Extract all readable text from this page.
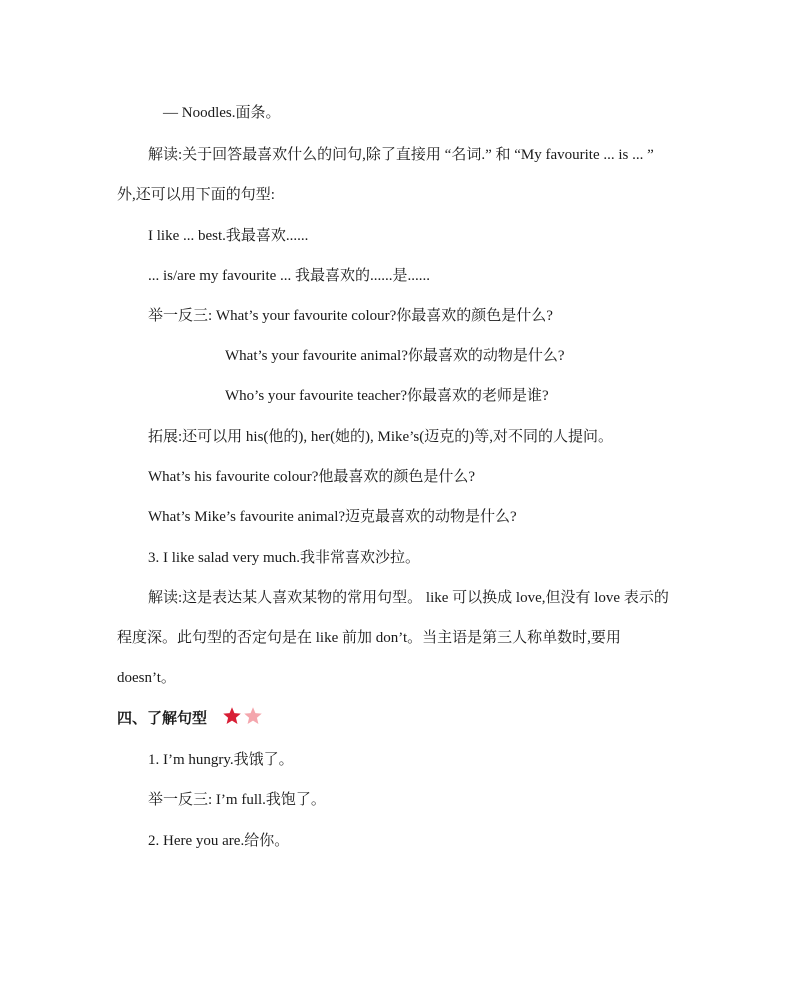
— Noodles.面条。
解读:关于回答最喜欢什么的问句,除了直接用 “名词.” 和 “My favourite ... is ... ”
外,还可以用下面的句型:
I like ... best.我最喜欢......
... is/are my favourite ... 我最喜欢的......是......
举一反三: What’s your favourite colour?你最喜欢的颜色是什么?
What’s your favourite animal?你最喜欢的动物是什么?
Who’s your favourite teacher?你最喜欢的老师是谁?
拓展:还可以用 his(他的), her(她的), Mike’s(迈克的)等,对不同的人提问。
What’s his favourite colour?他最喜欢的颜色是什么?
What’s Mike’s favourite animal?迈克最喜欢的动物是什么?
3. I like salad very much.我非常喜欢沙拉。
解读:这是表达某人喜欢某物的常用句型。 like 可以换成 love,但没有 love 表示的
程度深。此句型的否定句是在 like 前加 don’t。当主语是第三人称单数时,要用
doesn’t。
四、了解句型
1. I’m hungry.我饿了。
举一反三: I’m full.我饱了。
2. Here you are.给你。
